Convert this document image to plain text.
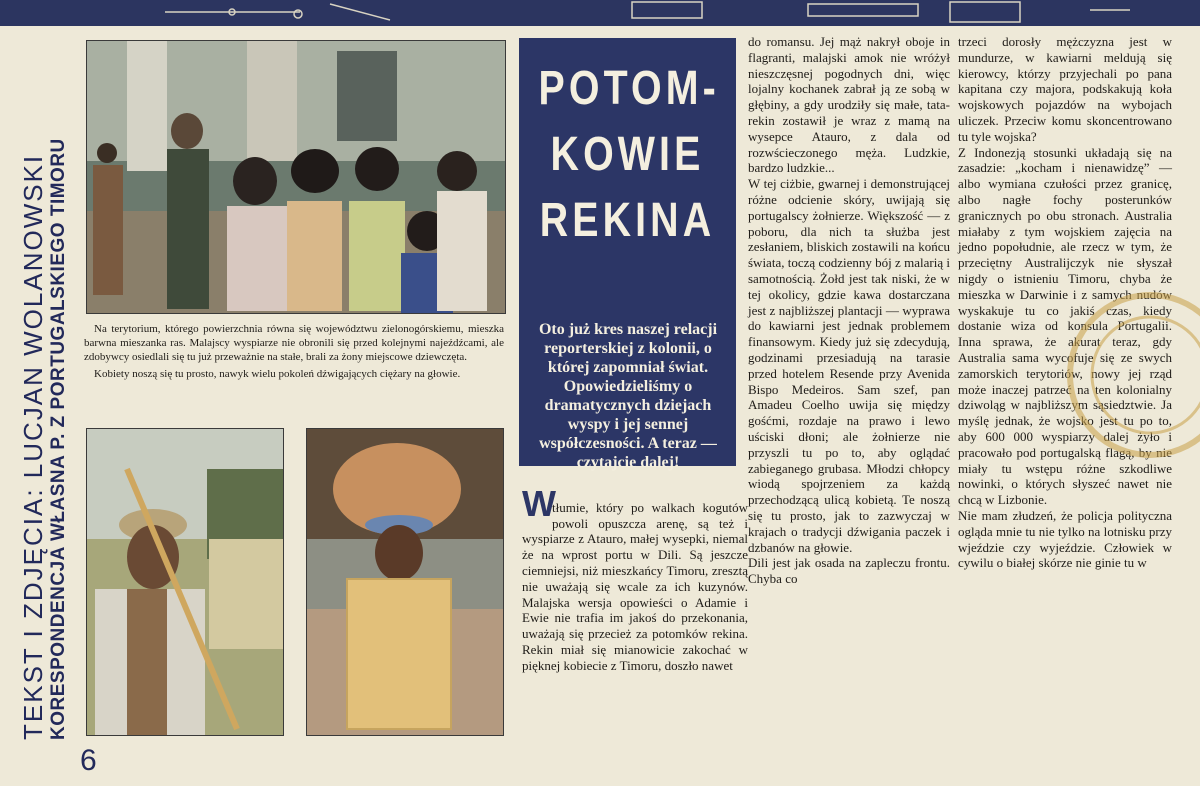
TEKST I ZDJĘCIA: LUCJAN WOLANOWSKI KORESPONDENCJA WŁASNA P. Z PORTUGALSKIEGO TIMORU
6

Na terytorium, którego powierzchnia równa się województwu zielonogórskiemu, mieszka barwna mieszanka ras. Malajscy wyspiarze nie obronili się przed kolejnymi najeźdźcami, ale zdobywcy osiedlali się tu już przeważnie na stałe, brali za żony miejscowe dziewczęta.

Kobiety noszą się tu prosto, nawyk wielu pokoleń dźwigających ciężary na głowie.

POTOM-
KOWIE
REKINA
Oto już kres naszej relacji reporterskiej z kolonii, o której zapomniał świat. Opowiedzieliśmy o dramatycznych dziejach wyspy i jej sennej współczesności. A teraz — czytajcie dalej!
W

tłumie, który po walkach kogutów powoli opuszcza arenę, są też i wyspiarze z Atauro, małej wysepki, niemal że na wprost portu w Dili. Są jeszcze ciemniejsi, niż mieszkańcy Timoru, zresztą nie uważają się wcale za ich kuzynów. Malajska wersja opowieści o Adamie i Ewie nie trafia im jakoś do przekonania, uważają się przecież za potomków rekina. Rekin miał się mianowicie zakochać w pięknej kobiecie z Timoru, doszło nawet

do romansu. Jej mąż nakrył oboje in flagranti, malajski amok nie wróżył nieszczęsnej pogodnych dni, więc lojalny kochanek zabrał ją ze sobą w głębiny, a gdy urodziły się małe, tata-rekin zostawił je wraz z mamą na wysepce Atauro, z dala od rozwścieczonego męża. Ludzkie, bardzo ludzkie...
W tej ciżbie, gwarnej i demonstrującej różne odcienie skóry, uwijają się portugalscy żołnierze. Większość — z poboru, dla nich ta służba jest zesłaniem, bliskich zostawili na końcu świata, toczą codzienny bój z malarią i samotnością. Żołd jest tak niski, że w tej okolicy, gdzie kawa dostarczana jest z najbliższej plantacji — wyprawa do kawiarni jest jednak problemem finansowym. Kiedy już się zdecydują, godzinami przesiadują na tarasie przed hotelem Resende przy Avenida Bispo Medeiros. Sam szef, pan Amadeu Coelho uwija się między gośćmi, rozdaje na prawo i lewo uściski dłoni; ale żołnierze nie przyszli tu po to, aby oglądać zabieganego grubasa. Młodzi chłopcy wiodą spojrzeniem za każdą przechodzącą ulicą kobietą. Te noszą się tu prosto, jak to zazwyczaj w krajach o tradycji dźwigania paczek i dzbanów na głowie.
Dili jest jak osada na zapleczu frontu. Chyba co
trzeci dorosły mężczyzna jest w mundurze, w kawiarni meldują się kierowcy, którzy przyjechali po pana kapitana czy majora, podskakują koła wojskowych pojazdów na wybojach uliczek. Przeciw komu skoncentrowano tu tyle wojska?
Z Indonezją stosunki układają się na zasadzie: „kocham i nienawidzę” — albo wymiana czułości przez granicę, albo nagłe fochy posterunków granicznych po obu stronach. Australia miałaby z tym wojskiem zajęcia na jedno popołudnie, ale rzecz w tym, że przeciętny Australijczyk nie słyszał nigdy o istnieniu Timoru, chyba że mieszka w Darwinie i z samych nudów wyskakuje tu co jakiś czas, kiedy dostanie wiza od konsula Portugalii. Inna sprawa, że akurat teraz, gdy Australia sama wycofuje się ze swych zamorskich terytoriów, nowy jej rząd może inaczej patrzeć na ten kolonialny dziwoląg w najbliższym sąsiedztwie. Ja myślę jednak, że wojsko jest tu po to, aby 600 000 wyspiarzy dalej żyło i pracowało pod portugalską flagą, by nie miały tu wstępu różne szkodliwe nowinki, o których słyszeć nawet nie chcą w Lizbonie.
Nie mam złudzeń, że policja polityczna ogląda mnie tu nie tylko na lotnisku przy wjeździe czy wyjeździe. Człowiek w cywilu o białej skórze nie ginie tu w
